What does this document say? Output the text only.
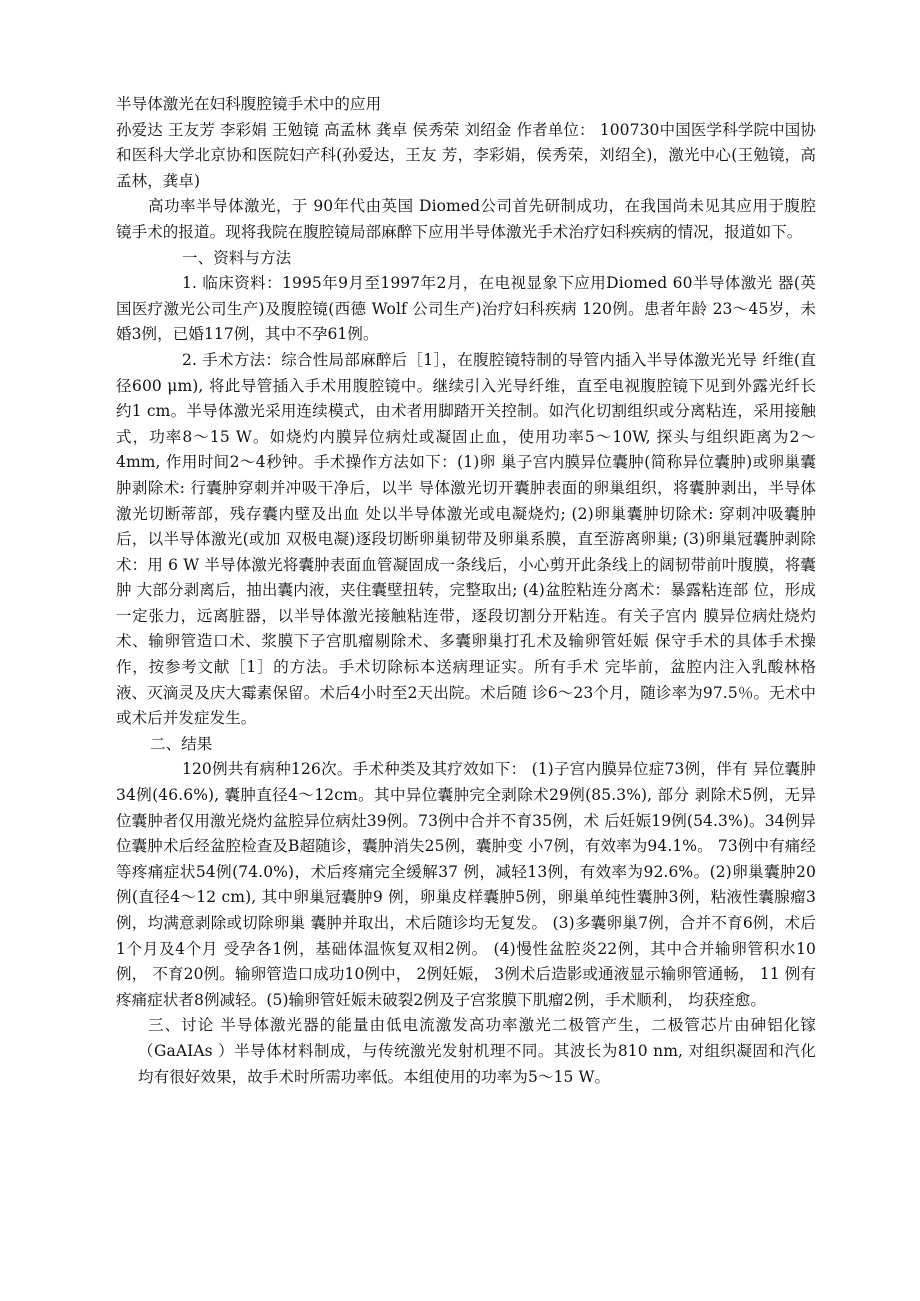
半导体激光在妇科腹腔镜手术中的应用

孙爱达 王友芳 李彩娟 王勉镜 高孟林 龚卓 侯秀荣 刘绍金 作者单位： 100730中国医学科学院中国协和医科大学北京协和医院妇产科(孙爱达，王友 芳，李彩娟，侯秀荣，刘绍全)，激光中心(王勉镜，高孟林，龚卓)

高功率半导体激光，于 90年代由英国 Diomed公司首先研制成功，在我国尚未见其应用于腹腔镜手术的报道。现将我院在腹腔镜局部麻醉下应用半导体激光手术治疗妇科疾病的情况，报道如下。

一、资料与方法

1. 临床资料：1995年9月至1997年2月，在电视显象下应用Diomed 60半导体激光 器(英国医疗激光公司生产)及腹腔镜(西德 Wolf 公司生产)治疗妇科疾病 120例。患者年龄 23～45岁，未婚3例，已婚117例，其中不孕61例。

2. 手术方法：综合性局部麻醉后［1］，在腹腔镜特制的导管内插入半导体激光光导 纤维(直径600 μm), 将此导管插入手术用腹腔镜中。继续引入光导纤维，直至电视腹腔镜下见到外露光纤长约1 cm。半导体激光采用连续模式，由术者用脚踏开关控制。如汽化切割组织或分离粘连，采用接触式，功率8～15 W。如烧灼内膜异位病灶或凝固止血，使用功率5～10W, 探头与组织距离为2～4mm, 作用时间2～4秒钟。手术操作方法如下：(1)卵 巢子宫内膜异位囊肿(简称异位囊肿)或卵巢囊肿剥除术: 行囊肿穿刺并冲吸干净后，以半 导体激光切开囊肿表面的卵巢组织，将囊肿剥出，半导体激光切断蒂部，残存囊内壁及出血 处以半导体激光或电凝烧灼; (2)卵巢囊肿切除术: 穿刺冲吸囊肿后，以半导体激光(或加 双极电凝)逐段切断卵巢韧带及卵巢系膜，直至游离卵巢; (3)卵巢冠囊肿剥除术：用 6 W 半导体激光将囊肿表面血管凝固成一条线后，小心剪开此条线上的阔韧带前叶腹膜，将囊肿 大部分剥离后，抽出囊内液，夹住囊壁扭转，完整取出; (4)盆腔粘连分离术：暴露粘连部 位，形成一定张力，远离脏器，以半导体激光接触粘连带，逐段切割分开粘连。有关子宫内 膜异位病灶烧灼术、输卵管造口术、浆膜下子宫肌瘤剔除术、多囊卵巢打孔术及输卵管妊娠 保守手术的具体手术操作，按参考文献［1］的方法。手术切除标本送病理证实。所有手术 完毕前，盆腔内注入乳酸林格液、灭滴灵及庆大霉素保留。术后4小时至2天出院。术后随 诊6～23个月，随诊率为97.5％。无术中或术后并发症发生。

二、结果

120例共有病种126次。手术种类及其疗效如下： (1)子宫内膜异位症73例，伴有 异位囊肿34例(46.6%), 囊肿直径4～12cm。其中异位囊肿完全剥除术29例(85.3%), 部分 剥除术5例，无异位囊肿者仅用激光烧灼盆腔异位病灶39例。73例中合并不育35例，术 后妊娠19例(54.3%)。34例异位囊肿术后经盆腔检查及B超随诊，囊肿消失25例，囊肿变 小7例，有效率为94.1%。 73例中有痛经等疼痛症状54例(74.0%)，术后疼痛完全缓解37 例，减轻13例，有效率为92.6%。(2)卵巢囊肿20例(直径4～12 cm), 其中卵巢冠囊肿9 例，卵巢皮样囊肿5例，卵巢单纯性囊肿3例，粘液性囊腺瘤3例，均满意剥除或切除卵巢 囊肿并取出，术后随诊均无复发。 (3)多囊卵巢7例，合并不育6例，术后1个月及4个月 受孕各1例，基础体温恢复双相2例。 (4)慢性盆腔炎22例，其中合并输卵管积水10例， 不育20例。输卵管造口成功10例中， 2例妊娠， 3例术后造影或通液显示输卵管通畅， 11 例有疼痛症状者8例减轻。(5)输卵管妊娠未破裂2例及子宫浆膜下肌瘤2例，手术顺利， 均获痊愈。

三、讨论 半导体激光器的能量由低电流激发高功率激光二极管产生，二极管芯片由砷铝化镓 （GaAIAs ）半导体材料制成，与传统激光发射机理不同。其波长为810 nm, 对组织凝固和汽化 均有很好效果，故手术时所需功率低。本组使用的功率为5～15 W。
